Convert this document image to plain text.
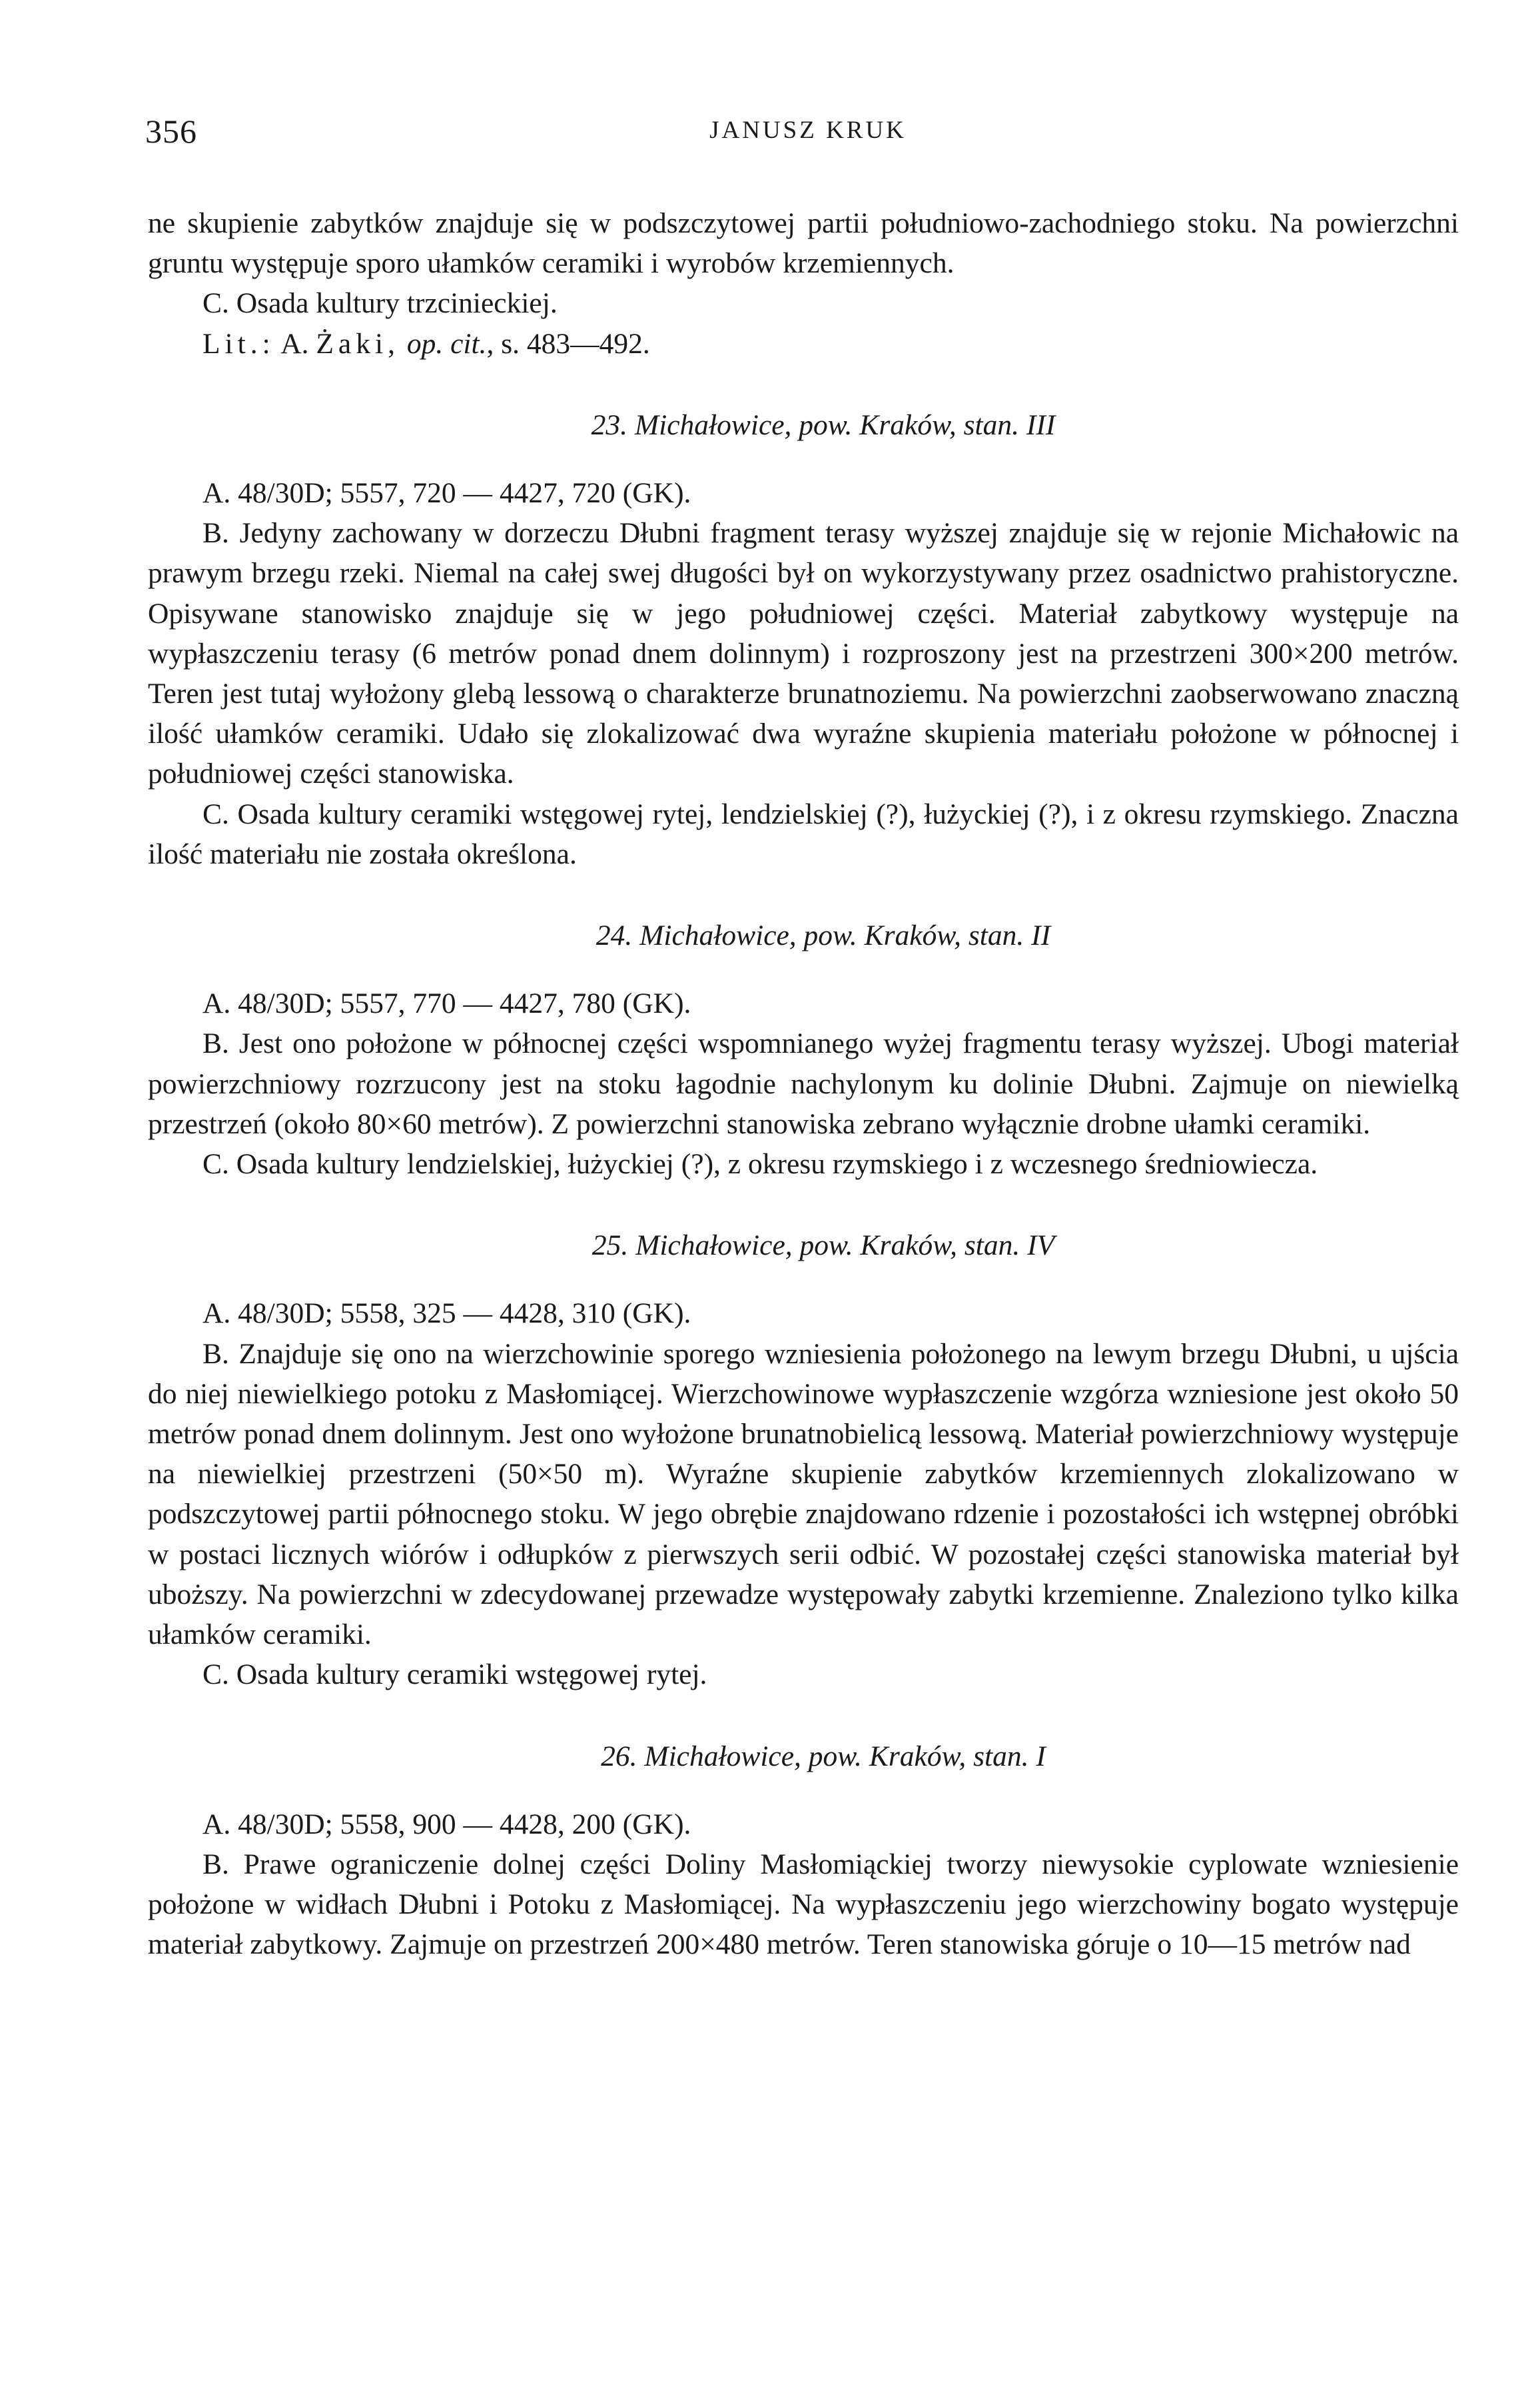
356	JANUSZ KRUK

ne skupienie zabytków znajduje się w podszczytowej partii południowo-zachodniego stoku. Na powierzchni gruntu występuje sporo ułamków ceramiki i wyrobów krzemiennych.

C. Osada kultury trzcinieckiej.

Lit.: A. Żaki, op. cit., s. 483—492.

23. Michałowice, pow. Kraków, stan. III

A. 48/30D; 5557, 720 — 4427, 720 (GK).

B. Jedyny zachowany w dorzeczu Dłubni fragment terasy wyższej znajduje się w rejonie Michałowic na prawym brzegu rzeki. Niemal na całej swej długości był on wykorzystywany przez osadnictwo prahistoryczne. Opisywane stanowisko znajduje się w jego południowej części. Materiał zabytkowy występuje na wypłaszczeniu terasy (6 metrów ponad dnem dolinnym) i rozproszony jest na przestrzeni 300×200 metrów. Teren jest tutaj wyłożony glebą lessową o charakterze brunatnoziemu. Na powierzchni zaobserwowano znaczną ilość ułamków ceramiki. Udało się zlokalizować dwa wyraźne skupienia materiału położone w północnej i południowej części stanowiska.

C. Osada kultury ceramiki wstęgowej rytej, lendzielskiej (?), łużyckiej (?), i z okresu rzymskiego. Znaczna ilość materiału nie została określona.

24. Michałowice, pow. Kraków, stan. II

A. 48/30D; 5557, 770 — 4427, 780 (GK).

B. Jest ono położone w północnej części wspomnianego wyżej fragmentu terasy wyższej. Ubogi materiał powierzchniowy rozrzucony jest na stoku łagodnie nachylonym ku dolinie Dłubni. Zajmuje on niewielką przestrzeń (około 80×60 metrów). Z powierzchni stanowiska zebrano wyłącznie drobne ułamki ceramiki.

C. Osada kultury lendzielskiej, łużyckiej (?), z okresu rzymskiego i z wczesnego średniowiecza.

25. Michałowice, pow. Kraków, stan. IV

A. 48/30D; 5558, 325 — 4428, 310 (GK).

B. Znajduje się ono na wierzchowinie sporego wzniesienia położonego na lewym brzegu Dłubni, u ujścia do niej niewielkiego potoku z Masłomiącej. Wierzchowinowe wypłaszczenie wzgórza wzniesione jest około 50 metrów ponad dnem dolinnym. Jest ono wyłożone brunatnobielicą lessową. Materiał powierzchniowy występuje na niewielkiej przestrzeni (50×50 m). Wyraźne skupienie zabytków krzemiennych zlokalizowano w podszczytowej partii północnego stoku. W jego obrębie znajdowano rdzenie i pozostałości ich wstępnej obróbki w postaci licznych wiórów i odłupków z pierwszych serii odbić. W pozostałej części stanowiska materiał był uboższy. Na powierzchni w zdecydowanej przewadze występowały zabytki krzemienne. Znaleziono tylko kilka ułamków ceramiki.

C. Osada kultury ceramiki wstęgowej rytej.

26. Michałowice, pow. Kraków, stan. I

A. 48/30D; 5558, 900 — 4428, 200 (GK).

B. Prawe ograniczenie dolnej części Doliny Masłomiąckiej tworzy niewysokie cyplowate wzniesienie położone w widłach Dłubni i Potoku z Masłomiącej. Na wypłaszczeniu jego wierzchowiny bogato występuje materiał zabytkowy. Zajmuje on przestrzeń 200×480 metrów. Teren stanowiska góruje o 10—15 metrów nad
